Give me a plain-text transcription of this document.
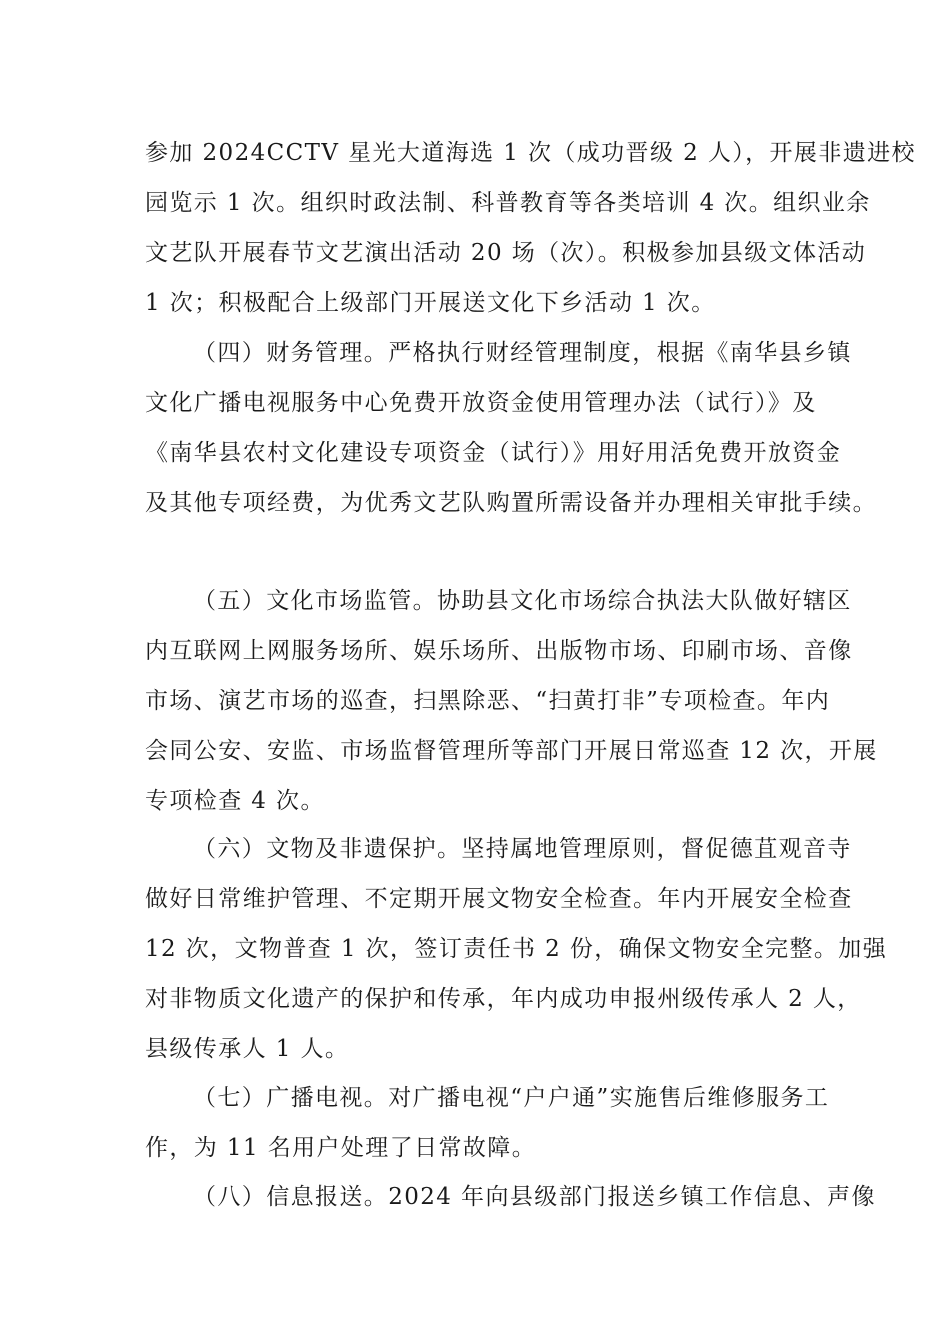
参加 2024CCTV 星光大道海选 1 次（成功晋级 2 人），开展非遗进校
园览示 1 次。组织时政法制、科普教育等各类培训 4 次。组织业余
文艺队开展春节文艺演出活动 20 场（次）。积极参加县级文体活动
1 次；积极配合上级部门开展送文化下乡活动 1 次。
（四）财务管理。严格执行财经管理制度，根据《南华县乡镇
文化广播电视服务中心免费开放资金使用管理办法（试行）》及
《南华县农村文化建设专项资金（试行）》用好用活免费开放资金
及其他专项经费，为优秀文艺队购置所需设备并办理相关审批手续。
（五）文化市场监管。协助县文化市场综合执法大队做好辖区
内互联网上网服务场所、娱乐场所、出版物市场、印刷市场、音像
市场、演艺市场的巡查，扫黑除恶、“扫黄打非”专项检查。年内
会同公安、安监、市场监督管理所等部门开展日常巡查 12 次，开展
专项检查 4 次。
（六）文物及非遗保护。坚持属地管理原则，督促德苴观音寺
做好日常维护管理、不定期开展文物安全检查。年内开展安全检查
12 次，文物普查 1 次，签订责任书 2 份，确保文物安全完整。加强
对非物质文化遗产的保护和传承，年内成功申报州级传承人 2 人，
县级传承人 1 人。
（七）广播电视。对广播电视“户户通”实施售后维修服务工
作，为 11 名用户处理了日常故障。
（八）信息报送。2024 年向县级部门报送乡镇工作信息、声像
